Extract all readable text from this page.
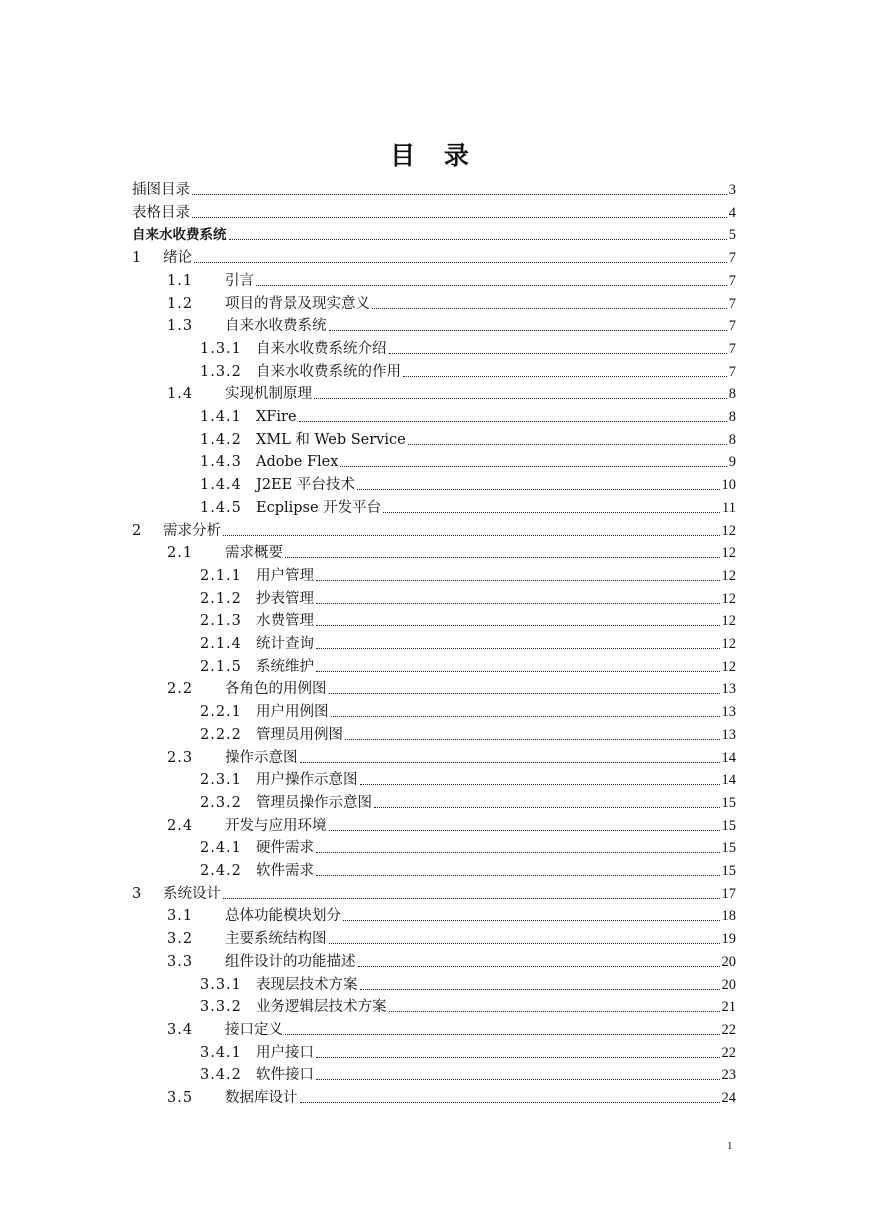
目 录
插图目录	3
表格目录	4
自来水收费系统	5
1	绪论	7
1.1	引言	7
1.2	项目的背景及现实意义	7
1.3	自来水收费系统	7
1.3.1 自来水收费系统介绍	7
1.3.2 自来水收费系统的作用	7
1.4	实现机制原理	8
1.4.1 XFire	8
1.4.2 XML 和 Web Service	8
1.4.3 Adobe Flex	9
1.4.4 J2EE 平台技术	10
1.4.5 Ecplipse 开发平台	11
2	需求分析	12
2.1	需求概要	12
2.1.1 用户管理	12
2.1.2 抄表管理	12
2.1.3 水费管理	12
2.1.4 统计查询	12
2.1.5 系统维护	12
2.2	各角色的用例图	13
2.2.1 用户用例图	13
2.2.2 管理员用例图	13
2.3	操作示意图	14
2.3.1 用户操作示意图	14
2.3.2 管理员操作示意图	15
2.4	开发与应用环境	15
2.4.1 硬件需求	15
2.4.2 软件需求	15
3	系统设计	17
3.1	总体功能模块划分	18
3.2	主要系统结构图	19
3.3	组件设计的功能描述	20
3.3.1 表现层技术方案	20
3.3.2 业务逻辑层技术方案	21
3.4	接口定义	22
3.4.1 用户接口	22
3.4.2 软件接口	23
3.5	数据库设计	24
1
